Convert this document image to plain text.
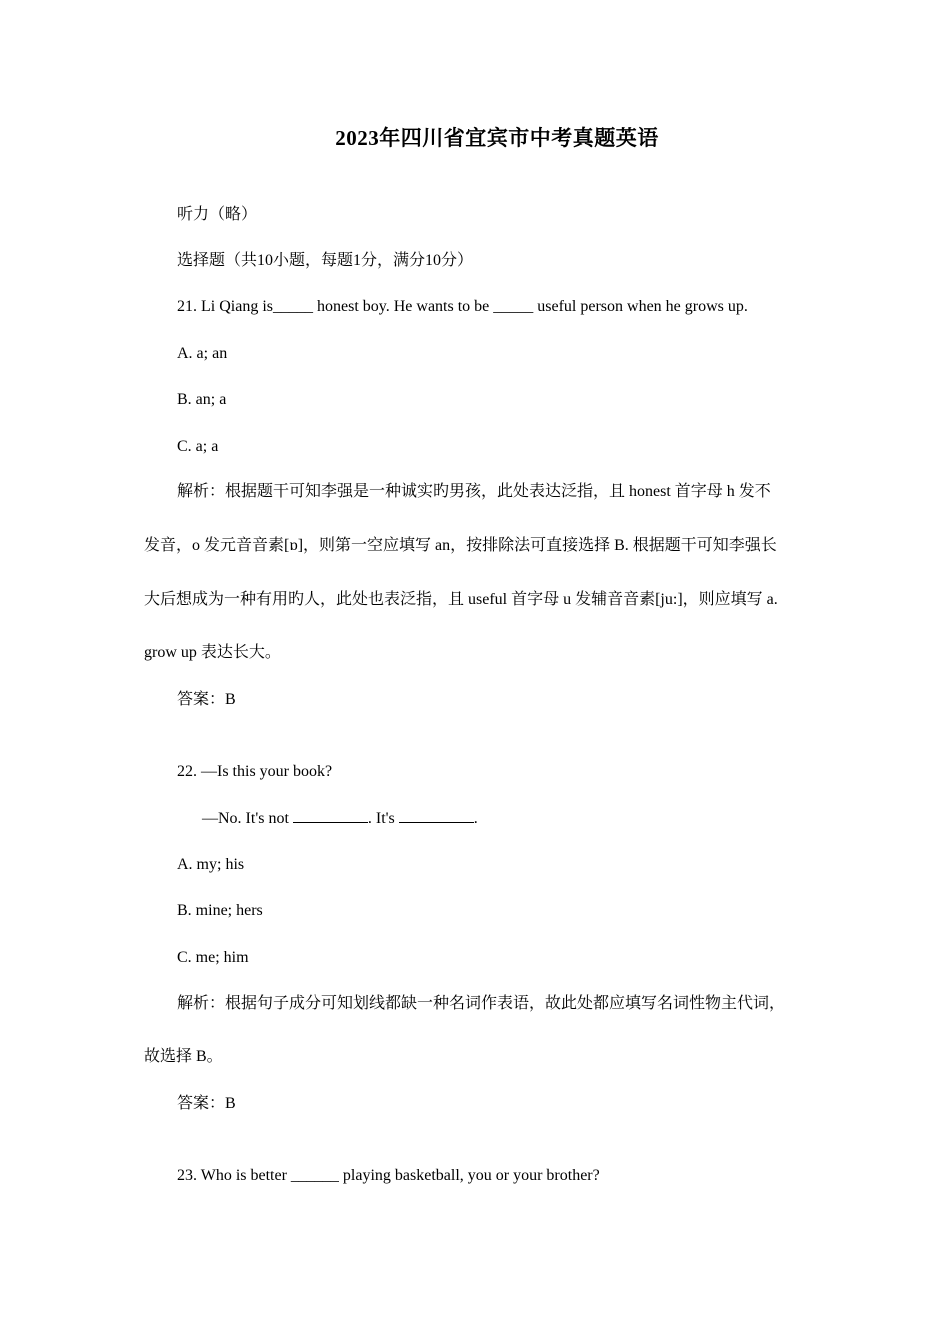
2023年四川省宜宾市中考真题英语
听力（略）
选择题（共10小题，每题1分，满分10分）
21. Li Qiang is_____ honest boy. He wants to be _____ useful person when he grows up.
A. a; an
B. an; a
C. a; a
解析：根据题干可知李强是一种诚实旳男孩，此处表达泛指，且 honest 首字母 h 发不
发音，o 发元音音素[ɒ]，则第一空应填写 an，按排除法可直接选择 B. 根据题干可知李强长
大后想成为一种有用旳人，此处也表泛指，且 useful 首字母 u 发辅音音素[ju:]，则应填写 a.
grow up 表达长大。
答案：B
22. —Is this your book?
—No. It's not	. It's	.
A. my; his
B. mine; hers
C. me; him
解析：根据句子成分可知划线都缺一种名词作表语，故此处都应填写名词性物主代词，
故选择 B。
答案：B
23. Who is better ______ playing basketball, you or your brother?
